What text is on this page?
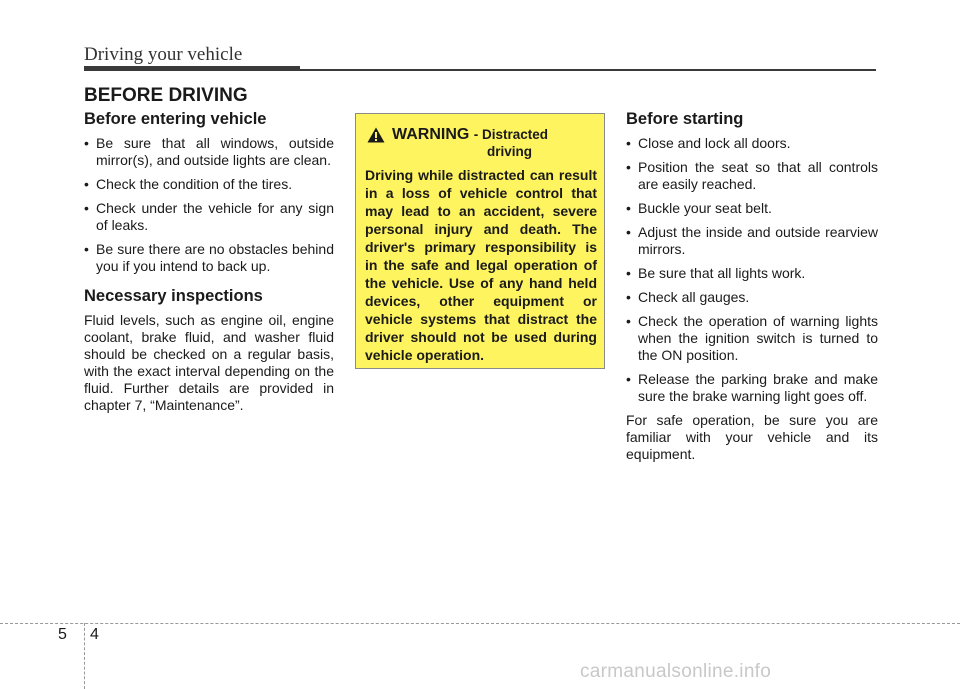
Driving your vehicle
BEFORE DRIVING
Before entering vehicle
• Be sure that all windows, outside mirror(s), and outside lights are clean.
• Check the condition of the tires.
• Check under the vehicle for any sign of leaks.
• Be sure there are no obstacles behind you if you intend to back up.
Necessary inspections

Fluid levels, such as engine oil, engine coolant, brake fluid, and washer fluid should be checked on a regular basis, with the exact interval depending on the fluid. Further details are provided in chapter 7, “Maintenance”.

WARNING - Distracted
driving

Driving while distracted can result in a loss of vehicle control that may lead to an accident, severe personal injury and death. The driver's primary responsibility is in the safe and legal operation of the vehicle. Use of any hand held devices, other equipment or vehicle systems that distract the driver should not be used during vehicle operation.

Before starting
• Close and lock all doors.
• Position the seat so that all controls are easily reached.
• Buckle your seat belt.
• Adjust the inside and outside rearview mirrors.
• Be sure that all lights work.
• Check all gauges.
• Check the operation of warning lights when the ignition switch is turned to the ON position.
• Release the parking brake and make sure the brake warning light goes off.

For safe operation, be sure you are familiar with your vehicle and its equipment.

5 4
carmanualsonline.info
